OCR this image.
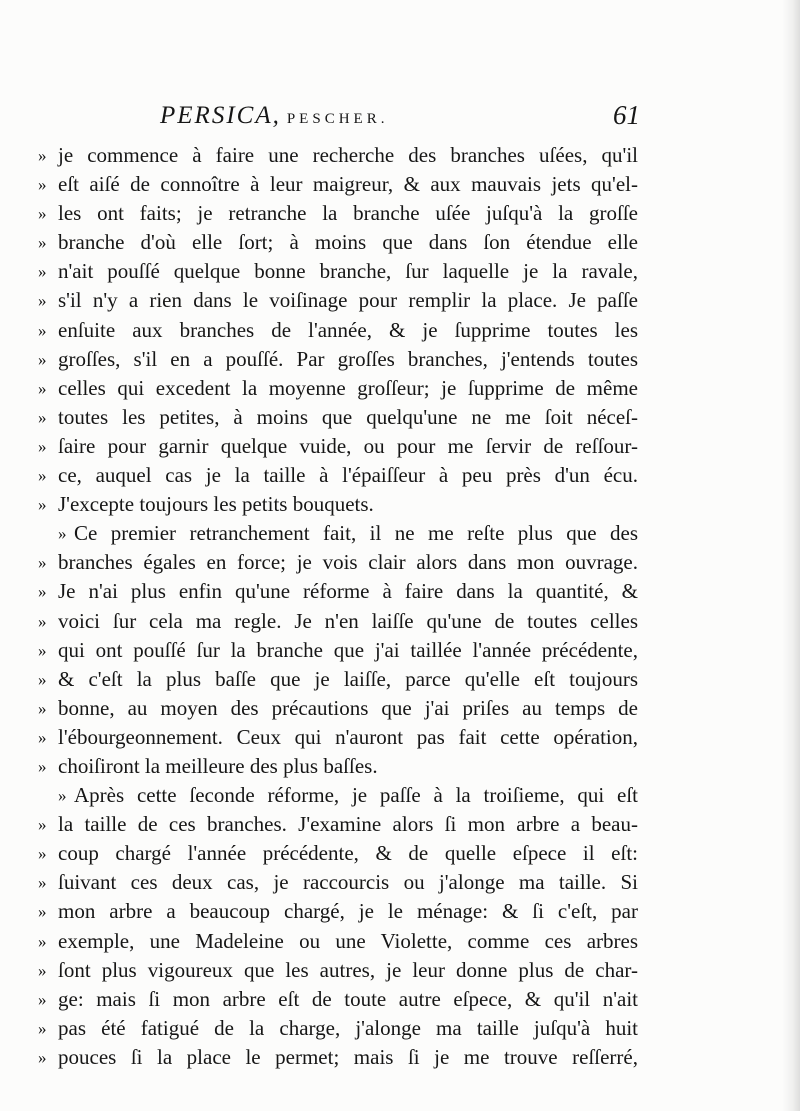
PERSICA, PESCHER.	61
» je commence à faire une recherche des branches uſées, qu'il
» eſt aiſé de connoître à leur maigreur, & aux mauvais jets qu'el-
» les ont faits; je retranche la branche uſée juſqu'à la groſſe
» branche d'où elle ſort; à moins que dans ſon étendue elle
» n'ait pouſſé quelque bonne branche, ſur laquelle je la ravale,
» s'il n'y a rien dans le voiſinage pour remplir la place. Je paſſe
» enſuite aux branches de l'année, & je ſupprime toutes les
» groſſes, s'il en a pouſſé. Par groſſes branches, j'entends toutes
» celles qui excedent la moyenne groſſeur; je ſupprime de même
» toutes les petites, à moins que quelqu'une ne me ſoit néceſ-
» ſaire pour garnir quelque vuide, ou pour me ſervir de reſſour-
» ce, auquel cas je la taille à l'épaiſſeur à peu près d'un écu.
» J'excepte toujours les petits bouquets.
» Ce premier retranchement fait, il ne me reſte plus que des
» branches égales en force; je vois clair alors dans mon ouvrage.
» Je n'ai plus enfin qu'une réforme à faire dans la quantité, &
» voici ſur cela ma regle. Je n'en laiſſe qu'une de toutes celles
» qui ont pouſſé ſur la branche que j'ai taillée l'année précédente,
» & c'eſt la plus baſſe que je laiſſe, parce qu'elle eſt toujours
» bonne, au moyen des précautions que j'ai priſes au temps de
» l'ébourgeonnement. Ceux qui n'auront pas fait cette opération,
» choiſiront la meilleure des plus baſſes.
» Après cette ſeconde réforme, je paſſe à la troiſieme, qui eſt
» la taille de ces branches. J'examine alors ſi mon arbre a beau-
» coup chargé l'année précédente, & de quelle eſpece il eſt:
» ſuivant ces deux cas, je raccourcis ou j'alonge ma taille. Si
» mon arbre a beaucoup chargé, je le ménage: & ſi c'eſt, par
» exemple, une Madeleine ou une Violette, comme ces arbres
» ſont plus vigoureux que les autres, je leur donne plus de char-
» ge: mais ſi mon arbre eſt de toute autre eſpece, & qu'il n'ait
» pas été fatigué de la charge, j'alonge ma taille juſqu'à huit
» pouces ſi la place le permet; mais ſi je me trouve reſſerré,
